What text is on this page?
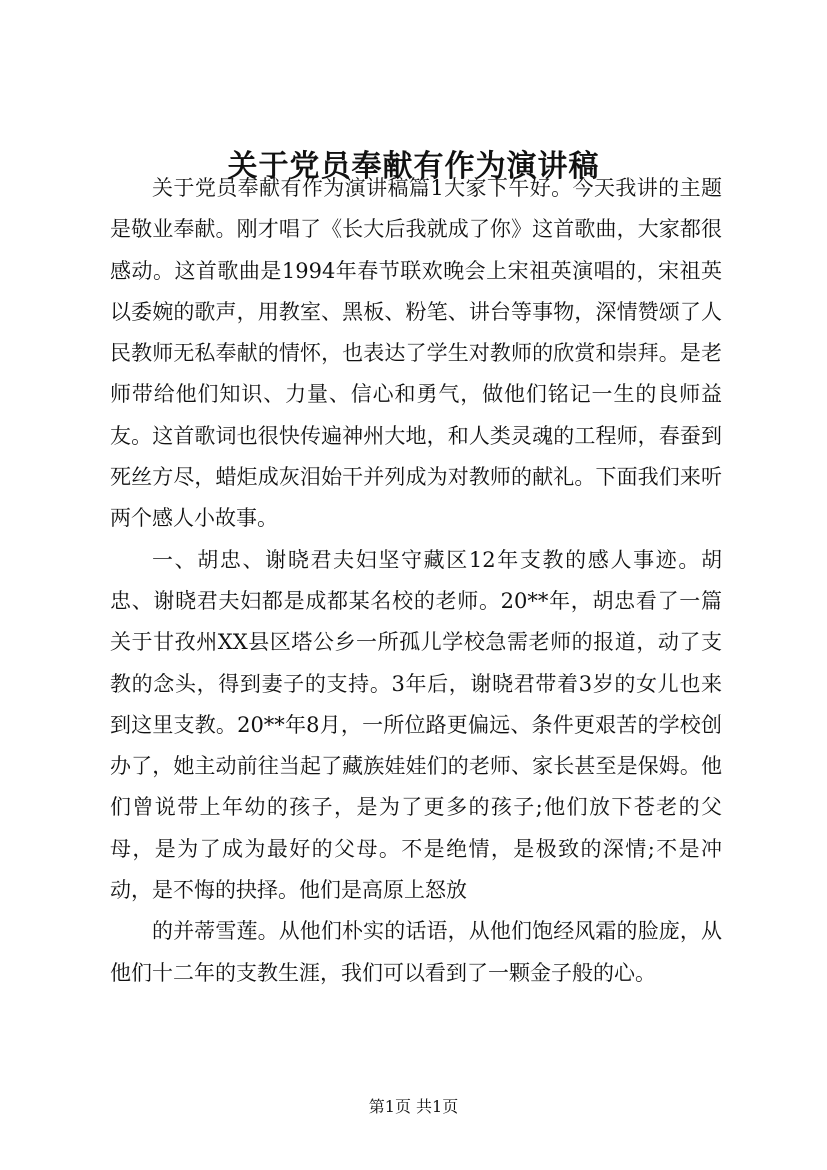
关于党员奉献有作为演讲稿

关于党员奉献有作为演讲稿篇1大家下午好。今天我讲的主题是敬业奉献。刚才唱了《长大后我就成了你》这首歌曲，大家都很感动。这首歌曲是1994年春节联欢晚会上宋祖英演唱的，宋祖英以委婉的歌声，用教室、黑板、粉笔、讲台等事物，深情赞颂了人民教师无私奉献的情怀，也表达了学生对教师的欣赏和崇拜。是老师带给他们知识、力量、信心和勇气，做他们铭记一生的良师益友。这首歌词也很快传遍神州大地，和人类灵魂的工程师，春蚕到死丝方尽，蜡炬成灰泪始干并列成为对教师的献礼。下面我们来听两个感人小故事。

一、胡忠、谢晓君夫妇坚守藏区12年支教的感人事迹。胡忠、谢晓君夫妇都是成都某名校的老师。20**年，胡忠看了一篇关于甘孜州XX县区塔公乡一所孤儿学校急需老师的报道，动了支教的念头，得到妻子的支持。3年后，谢晓君带着3岁的女儿也来到这里支教。20**年8月，一所位路更偏远、条件更艰苦的学校创办了，她主动前往当起了藏族娃娃们的老师、家长甚至是保姆。他们曾说带上年幼的孩子，是为了更多的孩子;他们放下苍老的父母，是为了成为最好的父母。不是绝情，是极致的深情;不是冲动，是不悔的抉择。他们是高原上怒放

的并蒂雪莲。从他们朴实的话语，从他们饱经风霜的脸庞，从他们十二年的支教生涯，我们可以看到了一颗金子般的心。

第1页 共1页
